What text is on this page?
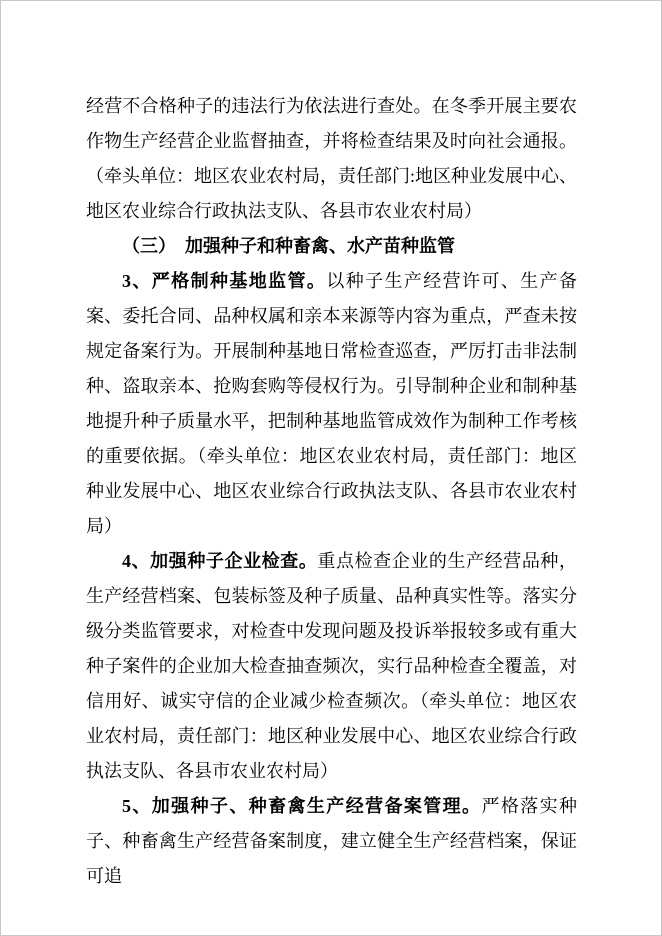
经营不合格种子的违法行为依法进行查处。在冬季开展主要农作物生产经营企业监督抽查，并将检查结果及时向社会通报。（牵头单位：地区农业农村局，责任部门:地区种业发展中心、地区农业综合行政执法支队、各县市农业农村局）

（三）　加强种子和种畜禽、水产苗种监管

3、严格制种基地监管。以种子生产经营许可、生产备案、委托合同、品种权属和亲本来源等内容为重点，严查未按规定备案行为。开展制种基地日常检查巡查，严厉打击非法制种、盗取亲本、抢购套购等侵权行为。引导制种企业和制种基地提升种子质量水平，把制种基地监管成效作为制种工作考核的重要依据。（牵头单位：地区农业农村局，责任部门：地区种业发展中心、地区农业综合行政执法支队、各县市农业农村局）

4、加强种子企业检查。重点检查企业的生产经营品种，生产经营档案、包装标签及种子质量、品种真实性等。落实分级分类监管要求，对检查中发现问题及投诉举报较多或有重大种子案件的企业加大检查抽查频次，实行品种检查全覆盖，对信用好、诚实守信的企业减少检查频次。（牵头单位：地区农业农村局，责任部门：地区种业发展中心、地区农业综合行政执法支队、各县市农业农村局）

5、加强种子、种畜禽生产经营备案管理。严格落实种子、种畜禽生产经营备案制度，建立健全生产经营档案，保证可追
